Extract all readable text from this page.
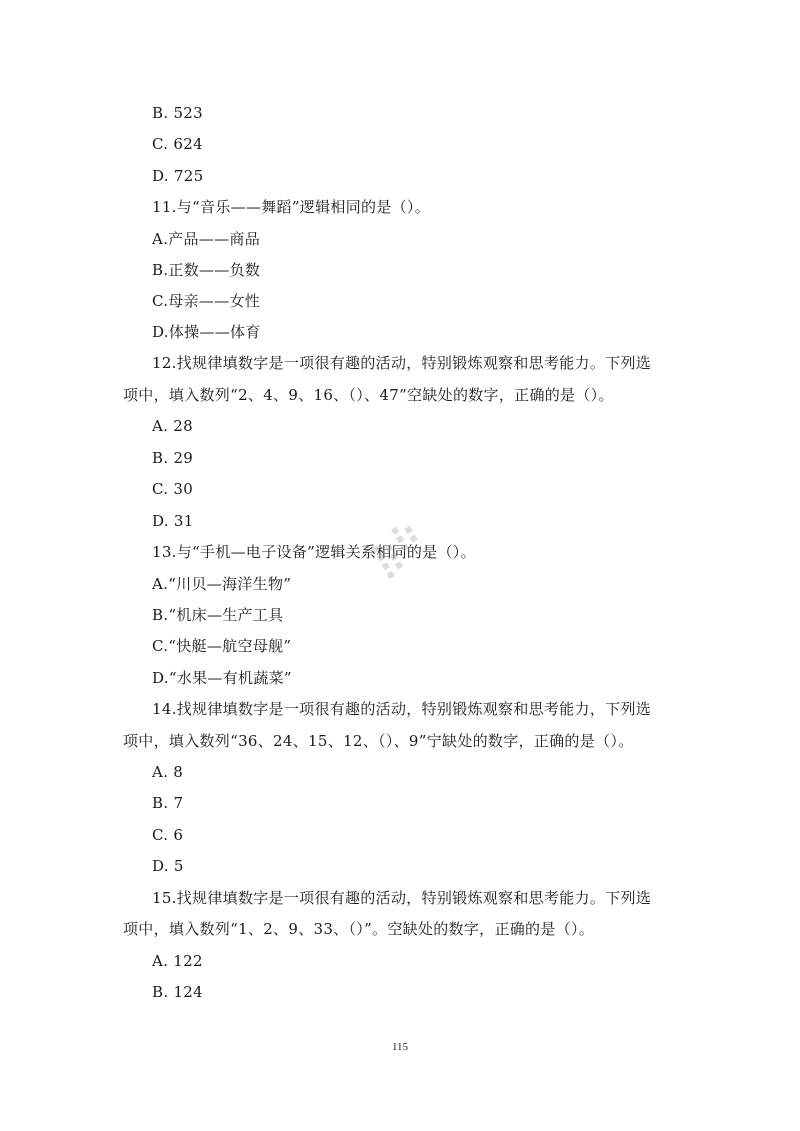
B. 523
C. 624
D. 725
11.与“音乐——舞蹈”逻辑相同的是（）。
A.产品——商品
B.正数——负数
C.母亲——女性
D.体操——体育
12.找规律填数字是一项很有趣的活动，特别锻炼观察和思考能力。下列选
项中，填入数列“2、4、9、16、（）、47”空缺处的数字，正确的是（）。
A. 28
B. 29
C. 30
D. 31
13.与“手机—电子设备”逻辑关系相同的是（）。
A.“川贝—海洋生物”
B.“机床—生产工具
C.“快艇—航空母舰”
D.“水果—有机蔬菜”
14.找规律填数字是一项很有趣的活动，特别锻炼观察和思考能力，下列选
项中，填入数列“36、24、15、12、（）、9”宁缺处的数字，正确的是（）。
A. 8
B. 7
C. 6
D. 5
15.找规律填数字是一项很有趣的活动，特别锻炼观察和思考能力。下列选
项中，填入数列“1、2、9、33、（）”。空缺处的数字，正确的是（）。
A. 122
B. 124
115
